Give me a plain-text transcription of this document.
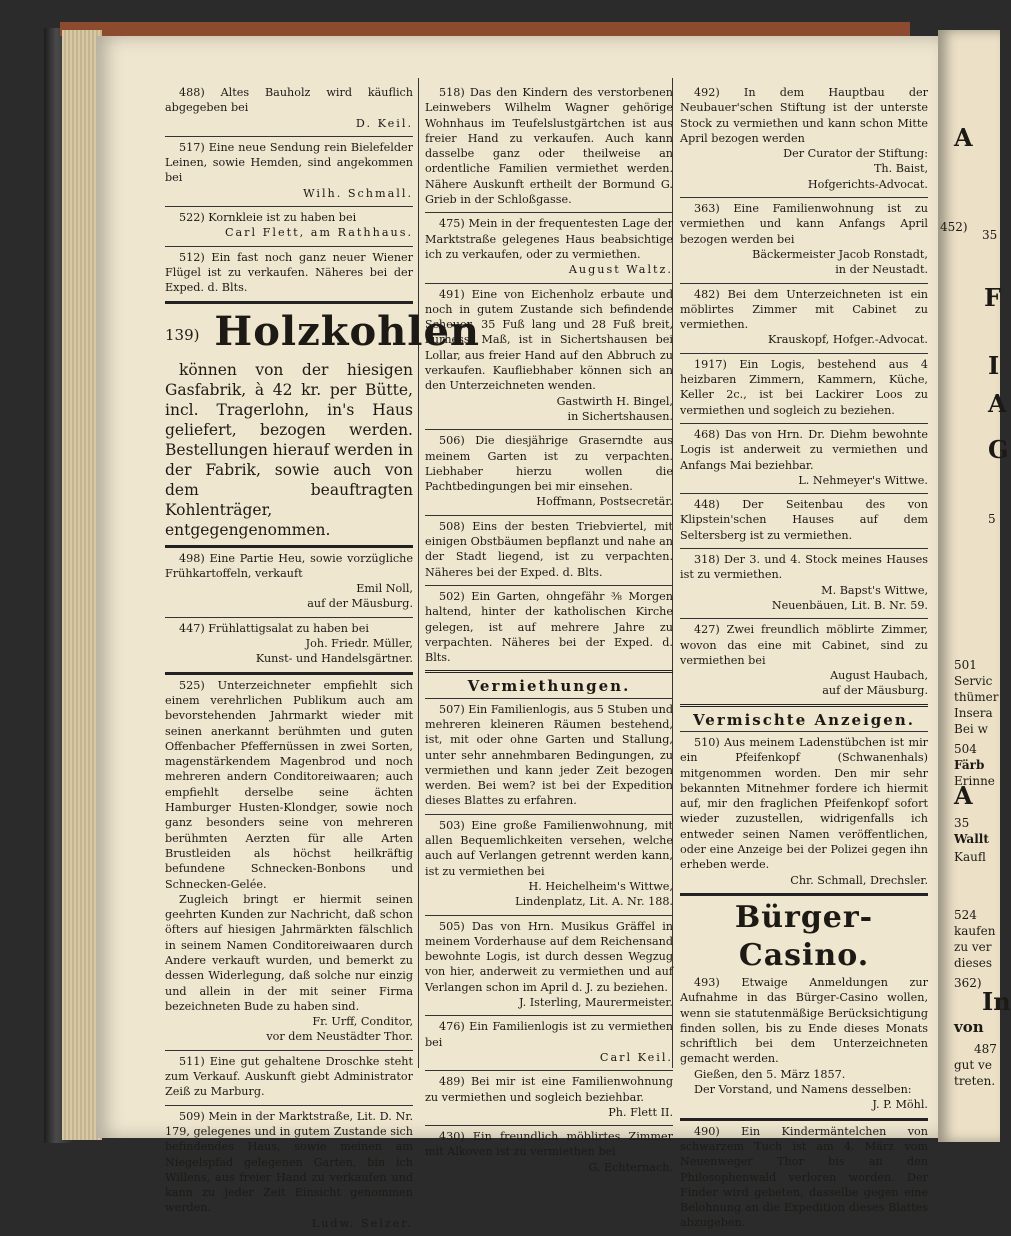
488) Altes Bauholz wird käuflich abgegeben bei

D. Keil.

517) Eine neue Sendung rein Bielefelder Leinen, sowie Hemden, sind angekommen bei

Wilh. Schmall.

522) Kornkleie ist zu haben bei

Carl Flett, am Rathhaus.

512) Ein fast noch ganz neuer Wiener Flügel ist zu verkaufen. Näheres bei der Exped. d. Blts.

139) Holzkohlen

können von der hiesigen Gasfabrik, à 42 kr. per Bütte, incl. Tragerlohn, in's Haus geliefert, bezogen werden. Bestellungen hierauf werden in der Fabrik, sowie auch von dem beauftragten Kohlenträger, entgegengenommen.

498) Eine Partie Heu, sowie vorzügliche Frühkartoffeln, verkauft

Emil Noll,

auf der Mäusburg.

447) Frühlattigsalat zu haben bei

Joh. Friedr. Müller,

Kunst- und Handelsgärtner.

525) Unterzeichneter empfiehlt sich einem verehrlichen Publikum auch am bevorstehenden Jahrmarkt wieder mit seinen anerkannt berühmten und guten Offenbacher Pfeffernüssen in zwei Sorten, magenstärkendem Magenbrod und noch mehreren andern Conditoreiwaaren; auch empfiehlt derselbe seine ächten Hamburger Husten-Klondger, sowie noch ganz besonders seine von mehreren berühmten Aerzten für alle Arten Brustleiden als höchst heilkräftig befundene Schnecken-Bonbons und Schnecken-Gelée.

Zugleich bringt er hiermit seinen geehrten Kunden zur Nachricht, daß schon öfters auf hiesigen Jahrmärkten fälschlich in seinem Namen Conditoreiwaaren durch Andere verkauft wurden, und bemerkt zu dessen Widerlegung, daß solche nur einzig und allein in der mit seiner Firma bezeichneten Bude zu haben sind.

Fr. Urff, Conditor,

vor dem Neustädter Thor.

511) Eine gut gehaltene Droschke steht zum Verkauf. Auskunft giebt Administrator Zeiß zu Marburg.

509) Mein in der Marktstraße, Lit. D. Nr. 179, gelegenes und in gutem Zustande sich befindendes Haus, sowie meinen am Niegelspfad gelegenen Garten, bin ich Willens, aus freier Hand zu verkaufen und kann zu jeder Zeit Einsicht genommen werden.

Ludw. Selzer.

518) Das den Kindern des verstorbenen Leinwebers Wilhelm Wagner gehörige Wohnhaus im Teufelslustgärtchen ist aus freier Hand zu verkaufen. Auch kann dasselbe ganz oder theilweise an ordentliche Familien vermiethet werden. Nähere Auskunft ertheilt der Bormund G. Grieb in der Schloßgasse.

475) Mein in der frequentesten Lage der Marktstraße gelegenes Haus beabsichtige ich zu verkaufen, oder zu vermiethen.

August Waltz.

491) Eine von Eichenholz erbaute und noch in gutem Zustande sich befindende Scheuer, 35 Fuß lang und 28 Fuß breit, kurhess. Maß, ist in Sichertshausen bei Lollar, aus freier Hand auf den Abbruch zu verkaufen. Kaufliebhaber können sich an den Unterzeichneten wenden.

Gastwirth H. Bingel,

in Sichertshausen.

506) Die diesjährige Graserndte aus meinem Garten ist zu verpachten. Liebhaber hierzu wollen die Pachtbedingungen bei mir einsehen.

Hoffmann, Postsecretär.

508) Eins der besten Triebviertel, mit einigen Obstbäumen bepflanzt und nahe an der Stadt liegend, ist zu verpachten. Näheres bei der Exped. d. Blts.

502) Ein Garten, ohngefähr ⅜ Morgen haltend, hinter der katholischen Kirche gelegen, ist auf mehrere Jahre zu verpachten. Näheres bei der Exped. d. Blts.

Vermiethungen.

507) Ein Familienlogis, aus 5 Stuben und mehreren kleineren Räumen bestehend, ist, mit oder ohne Garten und Stallung, unter sehr annehmbaren Bedingungen, zu vermiethen und kann jeder Zeit bezogen werden. Bei wem? ist bei der Expedition dieses Blattes zu erfahren.

503) Eine große Familienwohnung, mit allen Bequemlichkeiten versehen, welche auch auf Verlangen getrennt werden kann, ist zu vermiethen bei

H. Heichelheim's Wittwe,

Lindenplatz, Lit. A. Nr. 188.

505) Das von Hrn. Musikus Gräffel in meinem Vorderhause auf dem Reichensand bewohnte Logis, ist durch dessen Wegzug von hier, anderweit zu vermiethen und auf Verlangen schon im April d. J. zu beziehen.

J. Isterling, Maurermeister.

476) Ein Familienlogis ist zu vermiethen bei

Carl Keil.

489) Bei mir ist eine Familienwohnung zu vermiethen und sogleich beziehbar.

Ph. Flett II.

430) Ein freundlich möblirtes Zimmer mit Alkoven ist zu vermiethen bei

G. Echternach.

492) In dem Hauptbau der Neubauer'schen Stiftung ist der unterste Stock zu vermiethen und kann schon Mitte April bezogen werden

Der Curator der Stiftung:

Th. Baist,

Hofgerichts-Advocat.

363) Eine Familienwohnung ist zu vermiethen und kann Anfangs April bezogen werden bei

Bäckermeister Jacob Ronstadt,

in der Neustadt.

482) Bei dem Unterzeichneten ist ein möblirtes Zimmer mit Cabinet zu vermiethen.

Krauskopf, Hofger.-Advocat.

1917) Ein Logis, bestehend aus 4 heizbaren Zimmern, Kammern, Küche, Keller 2c., ist bei Lackirer Loos zu vermiethen und sogleich zu beziehen.

468) Das von Hrn. Dr. Diehm bewohnte Logis ist anderweit zu vermiethen und Anfangs Mai beziehbar.

L. Nehmeyer's Wittwe.

448) Der Seitenbau des von Klipstein'schen Hauses auf dem Seltersberg ist zu vermiethen.

318) Der 3. und 4. Stock meines Hauses ist zu vermiethen.

M. Bapst's Wittwe,

Neuenbäuen, Lit. B. Nr. 59.

427) Zwei freundlich möblirte Zimmer, wovon das eine mit Cabinet, sind zu vermiethen bei

August Haubach,

auf der Mäusburg.

Vermischte Anzeigen.

510) Aus meinem Ladenstübchen ist mir ein Pfeifenkopf (Schwanenhals) mitgenommen worden. Den mir sehr bekannten Mitnehmer fordere ich hiermit auf, mir den fraglichen Pfeifenkopf sofort wieder zuzustellen, widrigenfalls ich entweder seinen Namen veröffentlichen, oder eine Anzeige bei der Polizei gegen ihn erheben werde.

Chr. Schmall, Drechsler.

Bürger-Casino.

493) Etwaige Anmeldungen zur Aufnahme in das Bürger-Casino wollen, wenn sie statutenmäßige Berücksichtigung finden sollen, bis zu Ende dieses Monats schriftlich bei dem Unterzeichneten gemacht werden.

Gießen, den 5. März 1857.

Der Vorstand, und Namens desselben:

J. P. Möhl.

490) Ein Kindermäntelchen von schwarzem Tuch ist am 4. März vom Neuenweger Thor bis an den Philosophenwald verloren worden. Der Finder wird gebeten, dasselbe gegen eine Belohnung an die Expedition dieses Blattes abzugeben.

A
452)
35
F
I
A
G
5
501
Servic
thümer
Insera
Bei w
504
Färb
Erinne
A
35
Wallt
Kaufl
524
kaufen
zu ver
dieses
362)
In
von
487
gut ve
treten.
